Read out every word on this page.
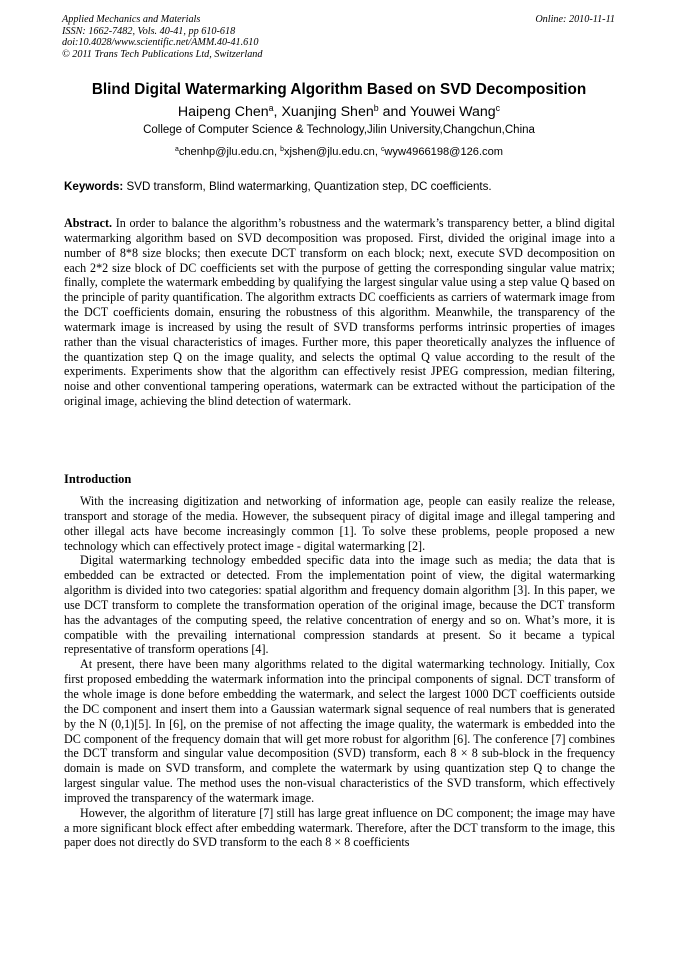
Applied Mechanics and Materials
ISSN: 1662-7482, Vols. 40-41, pp 610-618
doi:10.4028/www.scientific.net/AMM.40-41.610
© 2011 Trans Tech Publications Ltd, Switzerland
Online: 2010-11-11
Blind Digital Watermarking Algorithm Based on SVD Decomposition
Haipeng Chen$^a$, Xuanjing Shen$^b$ and Youwei Wang$^c$
College of Computer Science & Technology,Jilin University,Changchun,China
$^a$chenhp@jlu.edu.cn, $^b$xjshen@jlu.edu.cn, $^c$wyw4966198@126.com
Keywords: SVD transform, Blind watermarking, Quantization step, DC coefficients.
Abstract. In order to balance the algorithm’s robustness and the watermark’s transparency better, a blind digital watermarking algorithm based on SVD decomposition was proposed. First, divided the original image into a number of 8*8 size blocks; then execute DCT transform on each block; next, execute SVD decomposition on each 2*2 size block of DC coefficients set with the purpose of getting the corresponding singular value matrix; finally, complete the watermark embedding by qualifying the largest singular value using a step value Q based on the principle of parity quantification. The algorithm extracts DC coefficients as carriers of watermark image from the DCT coefficients domain, ensuring the robustness of this algorithm. Meanwhile, the transparency of the watermark image is increased by using the result of SVD transforms performs intrinsic properties of images rather than the visual characteristics of images. Further more, this paper theoretically analyzes the influence of the quantization step Q on the image quality, and selects the optimal Q value according to the result of the experiments. Experiments show that the algorithm can effectively resist JPEG compression, median filtering, noise and other conventional tampering operations, watermark can be extracted without the participation of the original image, achieving the blind detection of watermark.
Introduction

With the increasing digitization and networking of information age, people can easily realize the release, transport and storage of the media. However, the subsequent piracy of digital image and illegal tampering and other illegal acts have become increasingly common [1]. To solve these problems, people proposed a new technology which can effectively protect image - digital watermarking [2].

Digital watermarking technology embedded specific data into the image such as media; the data that is embedded can be extracted or detected. From the implementation point of view, the digital watermarking algorithm is divided into two categories: spatial algorithm and frequency domain algorithm [3]. In this paper, we use DCT transform to complete the transformation operation of the original image, because the DCT transform has the advantages of the computing speed, the relative concentration of energy and so on. What’s more, it is compatible with the prevailing international compression standards at present. So it became a typical representative of transform operations [4].

At present, there have been many algorithms related to the digital watermarking technology. Initially, Cox first proposed embedding the watermark information into the principal components of signal. DCT transform of the whole image is done before embedding the watermark, and select the largest 1000 DCT coefficients outside the DC component and insert them into a Gaussian watermark signal sequence of real numbers that is generated by the N (0,1)[5]. In [6], on the premise of not affecting the image quality, the watermark is embedded into the DC component of the frequency domain that will get more robust for algorithm [6]. The conference [7] combines the DCT transform and singular value decomposition (SVD) transform, each 8 × 8 sub-block in the frequency domain is made on SVD transform, and complete the watermark by using quantization step Q to change the largest singular value. The method uses the non-visual characteristics of the SVD transform, which effectively improved the transparency of the watermark image.

However, the algorithm of literature [7] still has large great influence on DC component; the image may have a more significant block effect after embedding watermark. Therefore, after the DCT transform to the image, this paper does not directly do SVD transform to the each 8 × 8 coefficients
